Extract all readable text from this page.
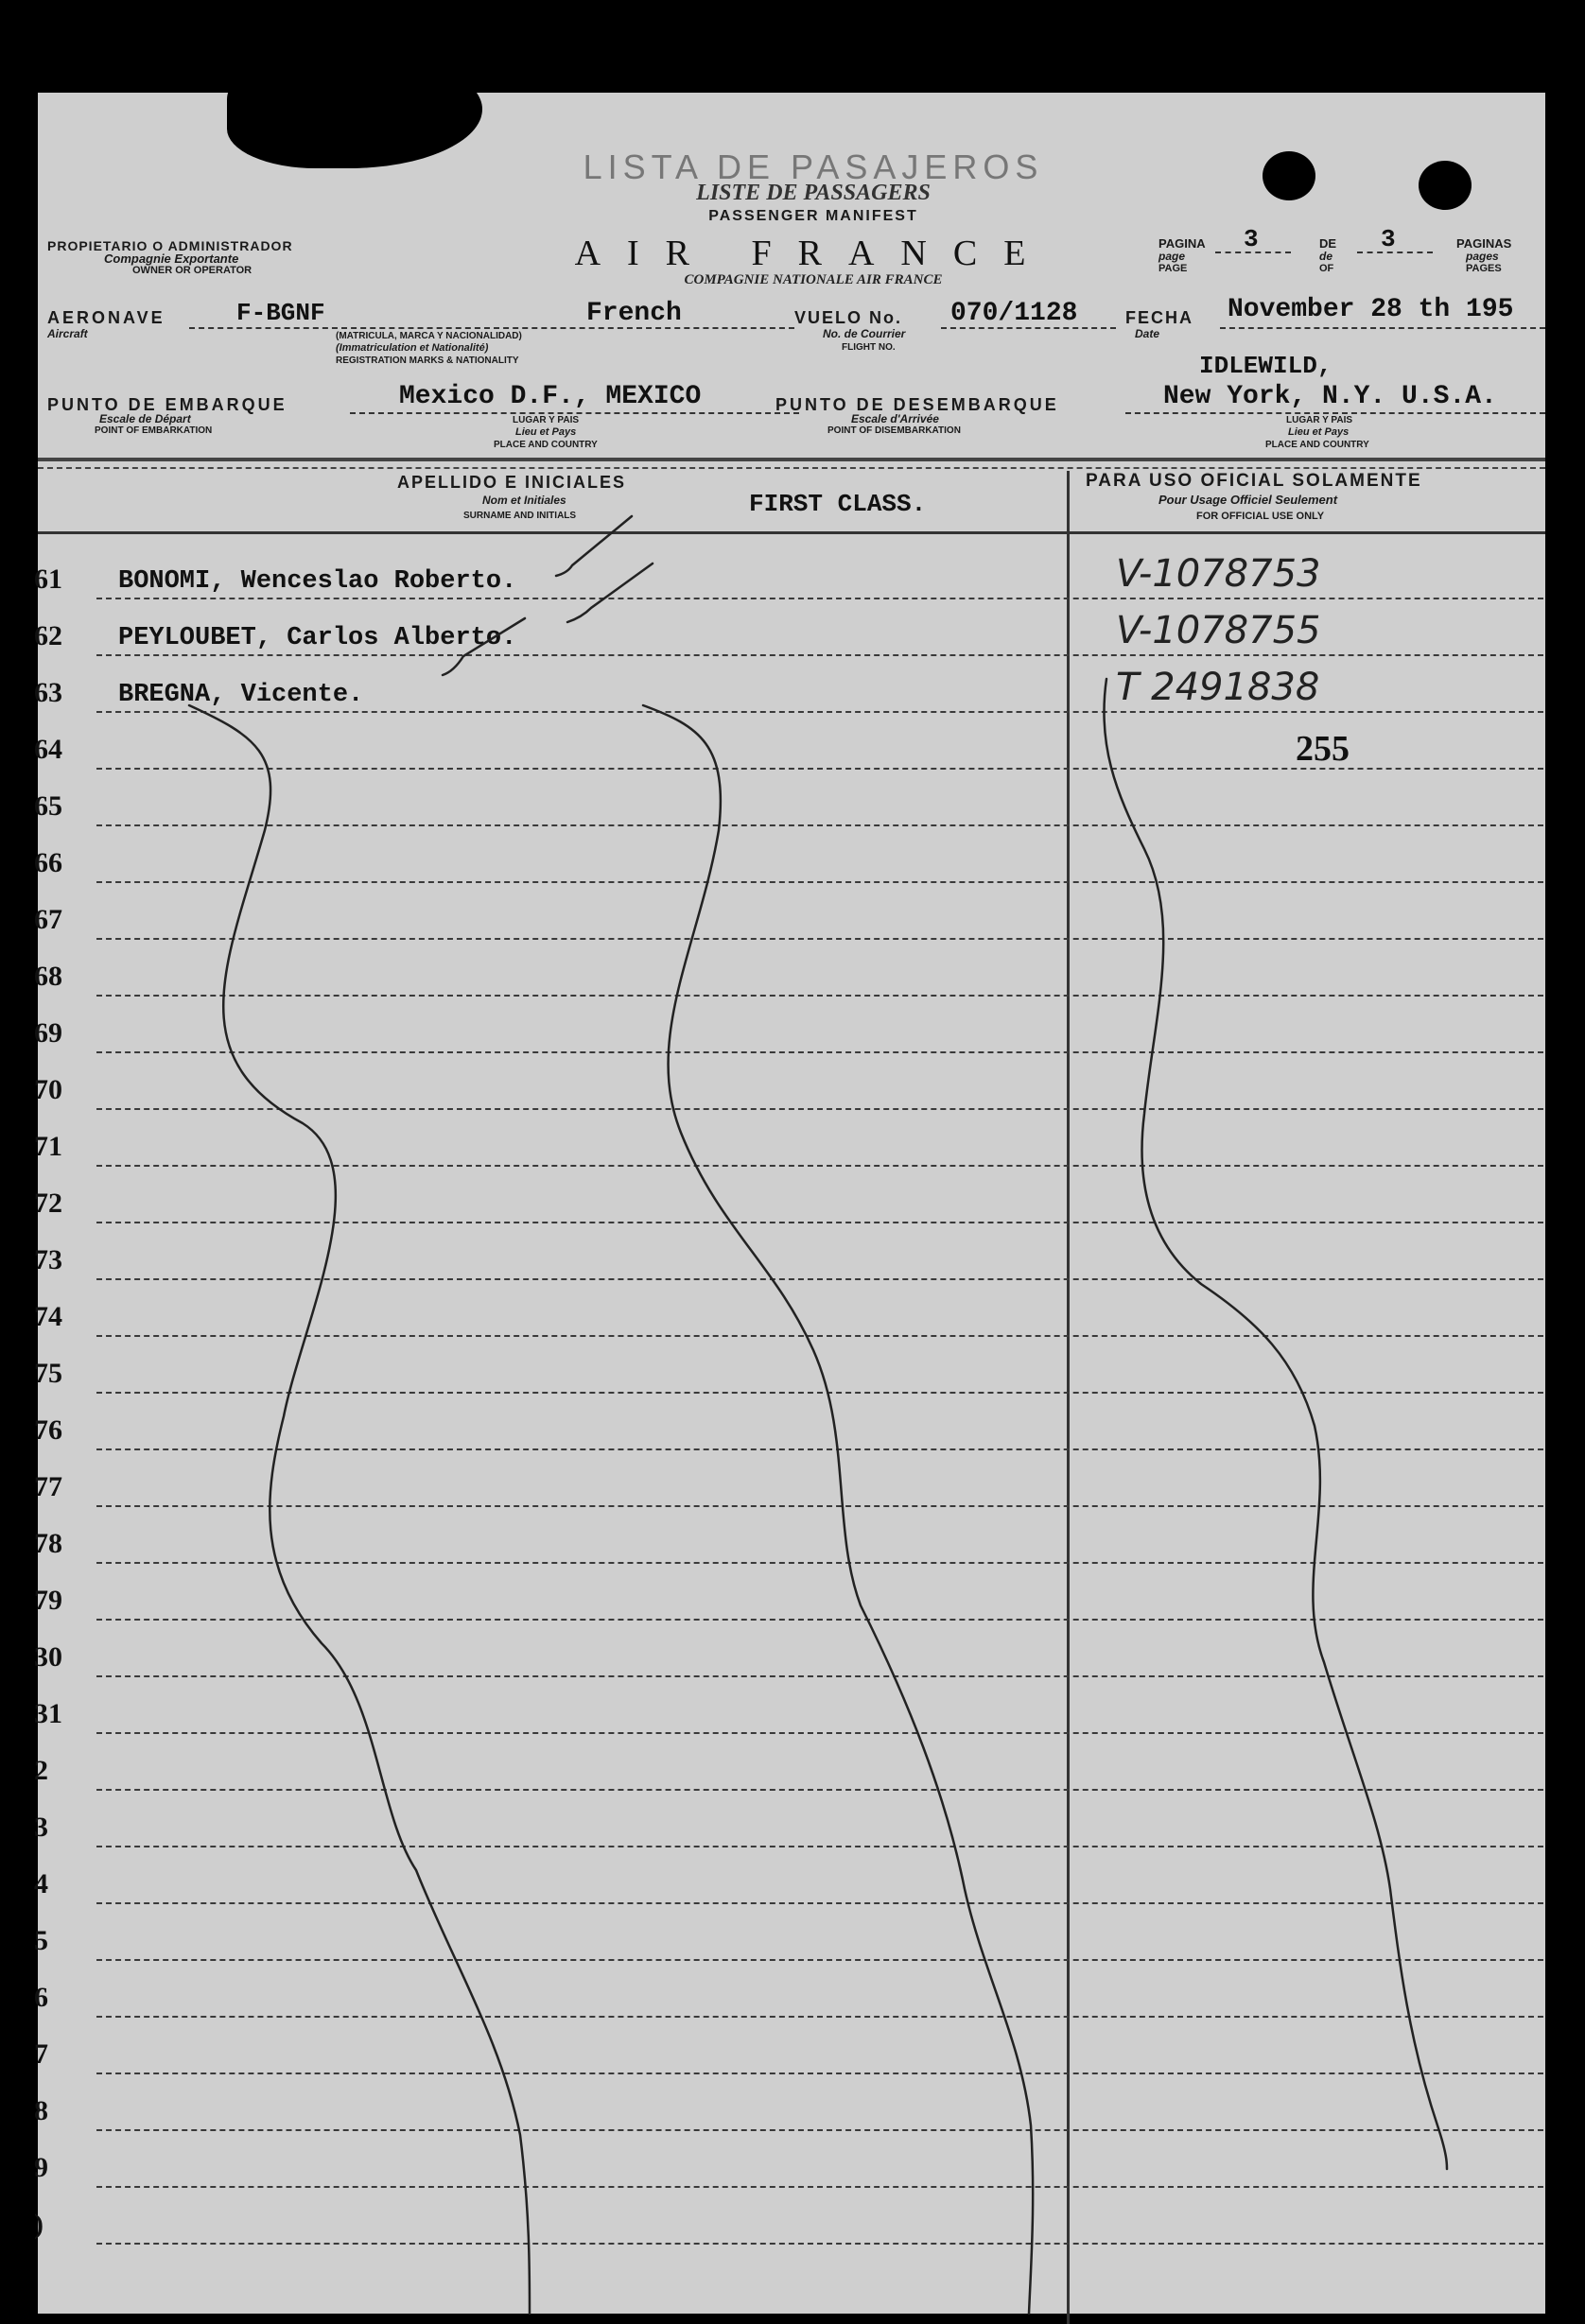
LISTA DE PASAJEROS
LISTE DE PASSAGERS
PASSENGER MANIFEST
AIR FRANCE
COMPAGNIE NATIONALE AIR FRANCE
PROPIETARIO O ADMINISTRADOR
Compagnie Exportante
OWNER OR OPERATOR
PAGINA
page
PAGE
3	DE
de
OF
3	PAGINAS
pages
PAGES
AERONAVE
Aircraft
F-BGNF	French
(MATRICULA, MARCA Y NACIONALIDAD)
(Immatriculation et Nationalité)
REGISTRATION MARKS & NATIONALITY
VUELO No.
No. de Courrier
FLIGHT NO.
070/1128	FECHA
Date
November 28 th 195
PUNTO DE EMBARQUE
Escale de Départ
POINT OF EMBARKATION
Mexico D.F., MEXICO
LUGAR Y PAIS
Lieu et Pays
PLACE AND COUNTRY
PUNTO DE DESEMBARQUE
Escale d'Arrivée
POINT OF DISEMBARKATION
IDLEWILD,
New York, N.Y. U.S.A.
LUGAR Y PAIS
Lieu et Pays
PLACE AND COUNTRY
APELLIDO E INICIALES
Nom et Initiales
SURNAME AND INITIALS	FIRST CLASS.
PARA USO OFICIAL SOLAMENTE
Pour Usage Officiel Seulement
FOR OFFICIAL USE ONLY
61 BONOMI, Wenceslao Roberto.	V-1078753
62 PEYLOUBET, Carlos Alberto.	V-1078755
63 BREGNA, Vicente.	T 2491838
64
65
66
67
68
69
70
71
72
73
74
75
76
77
78
79
30
31
2
3
4
5
6
7
8
9
)
255
